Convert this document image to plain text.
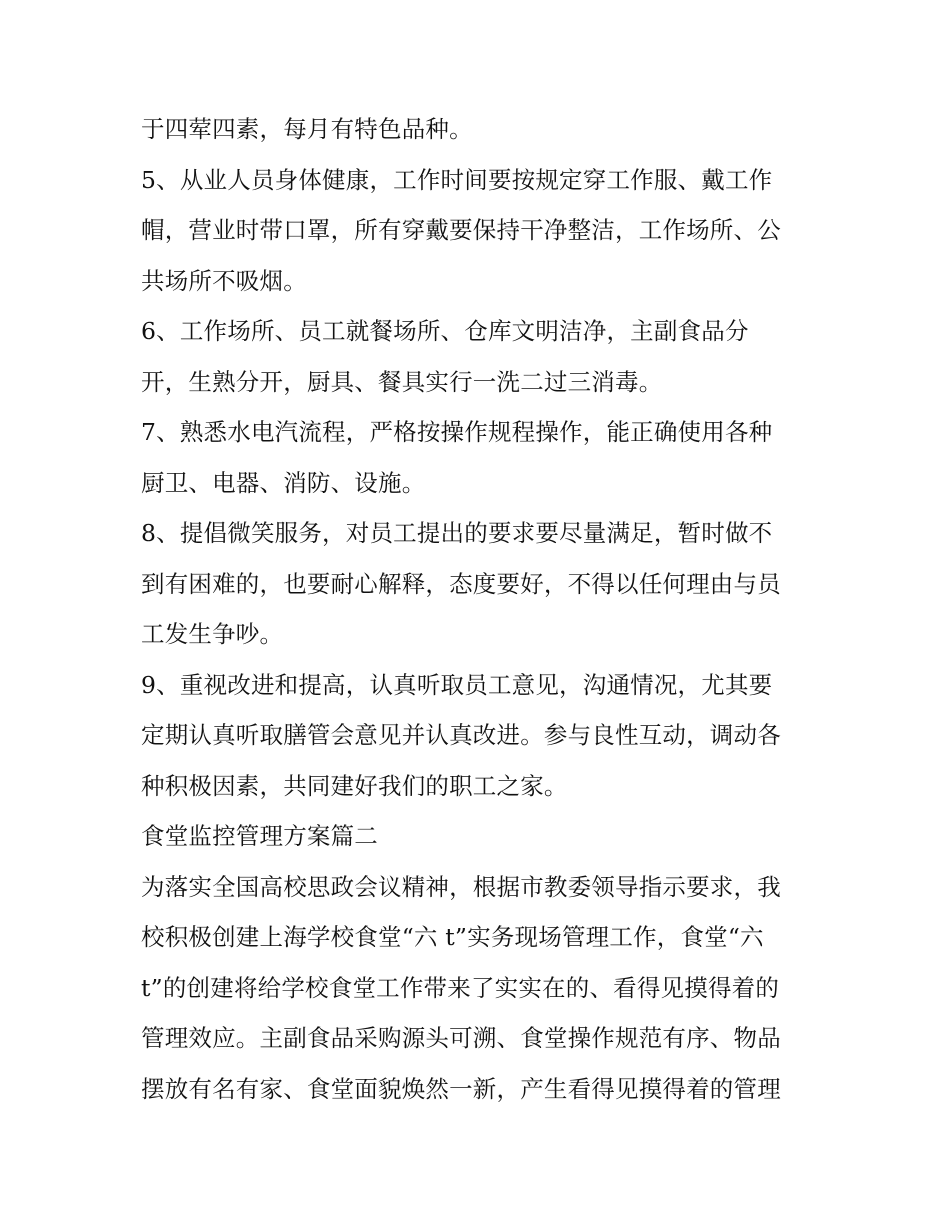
于四荤四素，每月有特色品种。
5、从业人员身体健康，工作时间要按规定穿工作服、戴工作
帽，营业时带口罩，所有穿戴要保持干净整洁，工作场所、公
共场所不吸烟。
6、工作场所、员工就餐场所、仓库文明洁净，主副食品分
开，生熟分开，厨具、餐具实行一洗二过三消毒。
7、熟悉水电汽流程，严格按操作规程操作，能正确使用各种
厨卫、电器、消防、设施。
8、提倡微笑服务，对员工提出的要求要尽量满足，暂时做不
到有困难的，也要耐心解释，态度要好，不得以任何理由与员
工发生争吵。
9、重视改进和提高，认真听取员工意见，沟通情况，尤其要
定期认真听取膳管会意见并认真改进。参与良性互动，调动各
种积极因素，共同建好我们的职工之家。
食堂监控管理方案篇二
为落实全国高校思政会议精神，根据市教委领导指示要求，我
校积极创建上海学校食堂“六 t”实务现场管理工作，食堂“六
t”的创建将给学校食堂工作带来了实实在的、看得见摸得着的
管理效应。主副食品采购源头可溯、食堂操作规范有序、物品
摆放有名有家、食堂面貌焕然一新，产生看得见摸得着的管理
